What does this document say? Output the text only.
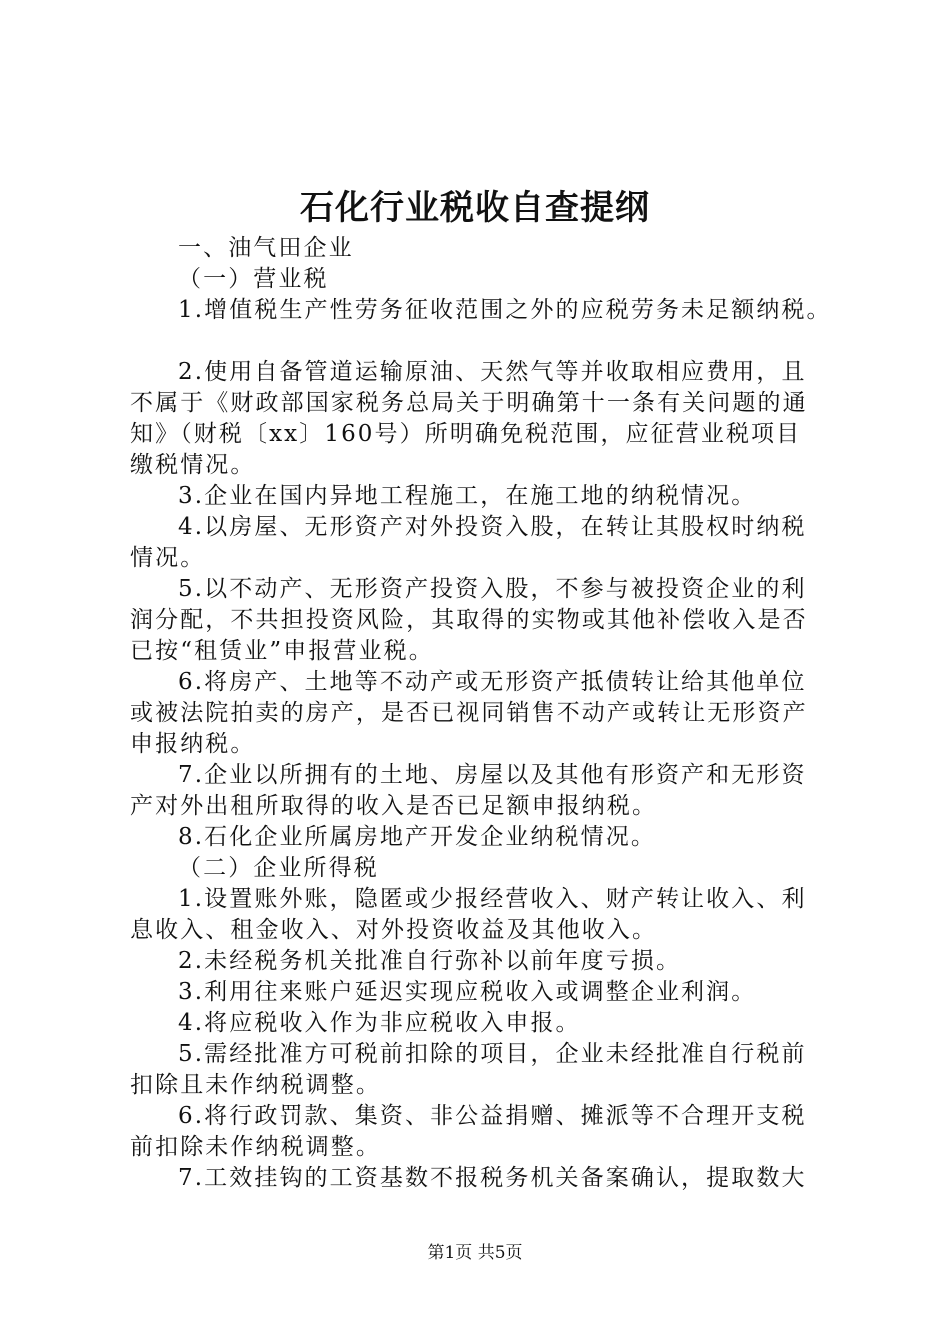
石化行业税收自查提纲
一、油气田企业
（一）营业税
1.增值税生产性劳务征收范围之外的应税劳务未足额纳税。
2.使用自备管道运输原油、天然气等并收取相应费用，且
不属于《财政部国家税务总局关于明确第十一条有关问题的通
知》（财税〔xx〕160号）所明确免税范围，应征营业税项目
缴税情况。
3.企业在国内异地工程施工，在施工地的纳税情况。
4.以房屋、无形资产对外投资入股，在转让其股权时纳税
情况。
5.以不动产、无形资产投资入股，不参与被投资企业的利
润分配，不共担投资风险，其取得的实物或其他补偿收入是否
已按“租赁业”申报营业税。
6.将房产、土地等不动产或无形资产抵债转让给其他单位
或被法院拍卖的房产，是否已视同销售不动产或转让无形资产
申报纳税。
7.企业以所拥有的土地、房屋以及其他有形资产和无形资
产对外出租所取得的收入是否已足额申报纳税。
8.石化企业所属房地产开发企业纳税情况。
（二）企业所得税
1.设置账外账，隐匿或少报经营收入、财产转让收入、利
息收入、租金收入、对外投资收益及其他收入。
2.未经税务机关批准自行弥补以前年度亏损。
3.利用往来账户延迟实现应税收入或调整企业利润。
4.将应税收入作为非应税收入申报。
5.需经批准方可税前扣除的项目，企业未经批准自行税前
扣除且未作纳税调整。
6.将行政罚款、集资、非公益捐赠、摊派等不合理开支税
前扣除未作纳税调整。
7.工效挂钩的工资基数不报税务机关备案确认，提取数大
第1页 共5页
